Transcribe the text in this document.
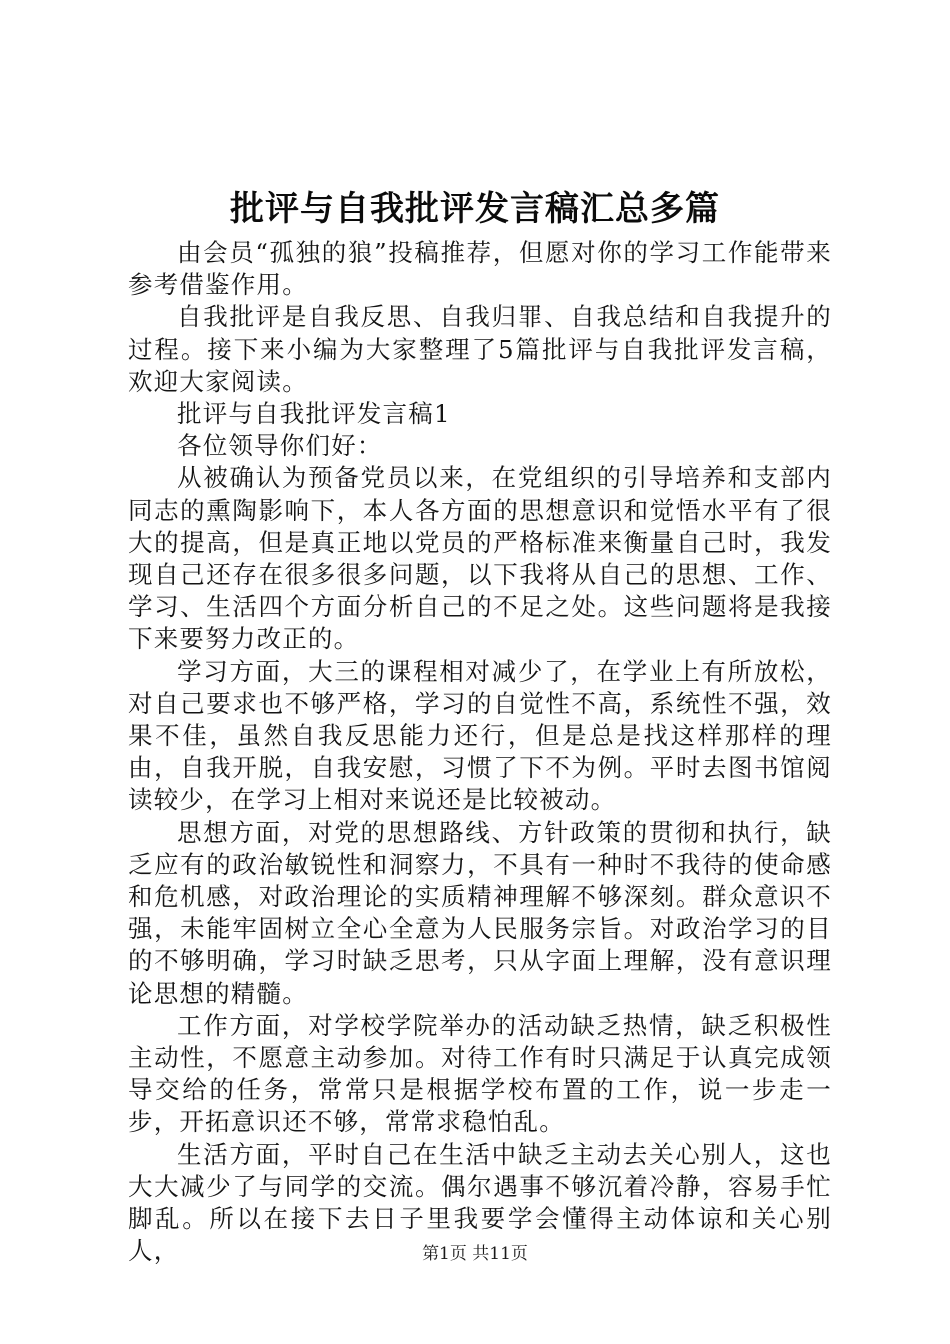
批评与自我批评发言稿汇总多篇

由会员“孤独的狼”投稿推荐，但愿对你的学习工作能带来参考借鉴作用。

自我批评是自我反思、自我归罪、自我总结和自我提升的过程。接下来小编为大家整理了5篇批评与自我批评发言稿，欢迎大家阅读。

批评与自我批评发言稿1

各位领导你们好：

从被确认为预备党员以来，在党组织的引导培养和支部内同志的熏陶影响下，本人各方面的思想意识和觉悟水平有了很大的提高，但是真正地以党员的严格标准来衡量自己时，我发现自己还存在很多很多问题，以下我将从自己的思想、工作、学习、生活四个方面分析自己的不足之处。这些问题将是我接下来要努力改正的。

学习方面，大三的课程相对减少了，在学业上有所放松，对自己要求也不够严格，学习的自觉性不高，系统性不强，效果不佳，虽然自我反思能力还行，但是总是找这样那样的理由，自我开脱，自我安慰，习惯了下不为例。平时去图书馆阅读较少，在学习上相对来说还是比较被动。

思想方面，对党的思想路线、方针政策的贯彻和执行，缺乏应有的政治敏锐性和洞察力，不具有一种时不我待的使命感和危机感，对政治理论的实质精神理解不够深刻。群众意识不强，未能牢固树立全心全意为人民服务宗旨。对政治学习的目的不够明确，学习时缺乏思考，只从字面上理解，没有意识理论思想的精髓。

工作方面，对学校学院举办的活动缺乏热情，缺乏积极性主动性，不愿意主动参加。对待工作有时只满足于认真完成领导交给的任务，常常只是根据学校布置的工作，说一步走一步，开拓意识还不够，常常求稳怕乱。

生活方面，平时自己在生活中缺乏主动去关心别人，这也大大减少了与同学的交流。偶尔遇事不够沉着冷静，容易手忙脚乱。所以在接下去日子里我要学会懂得主动体谅和关心别人，	第1页 共11页
